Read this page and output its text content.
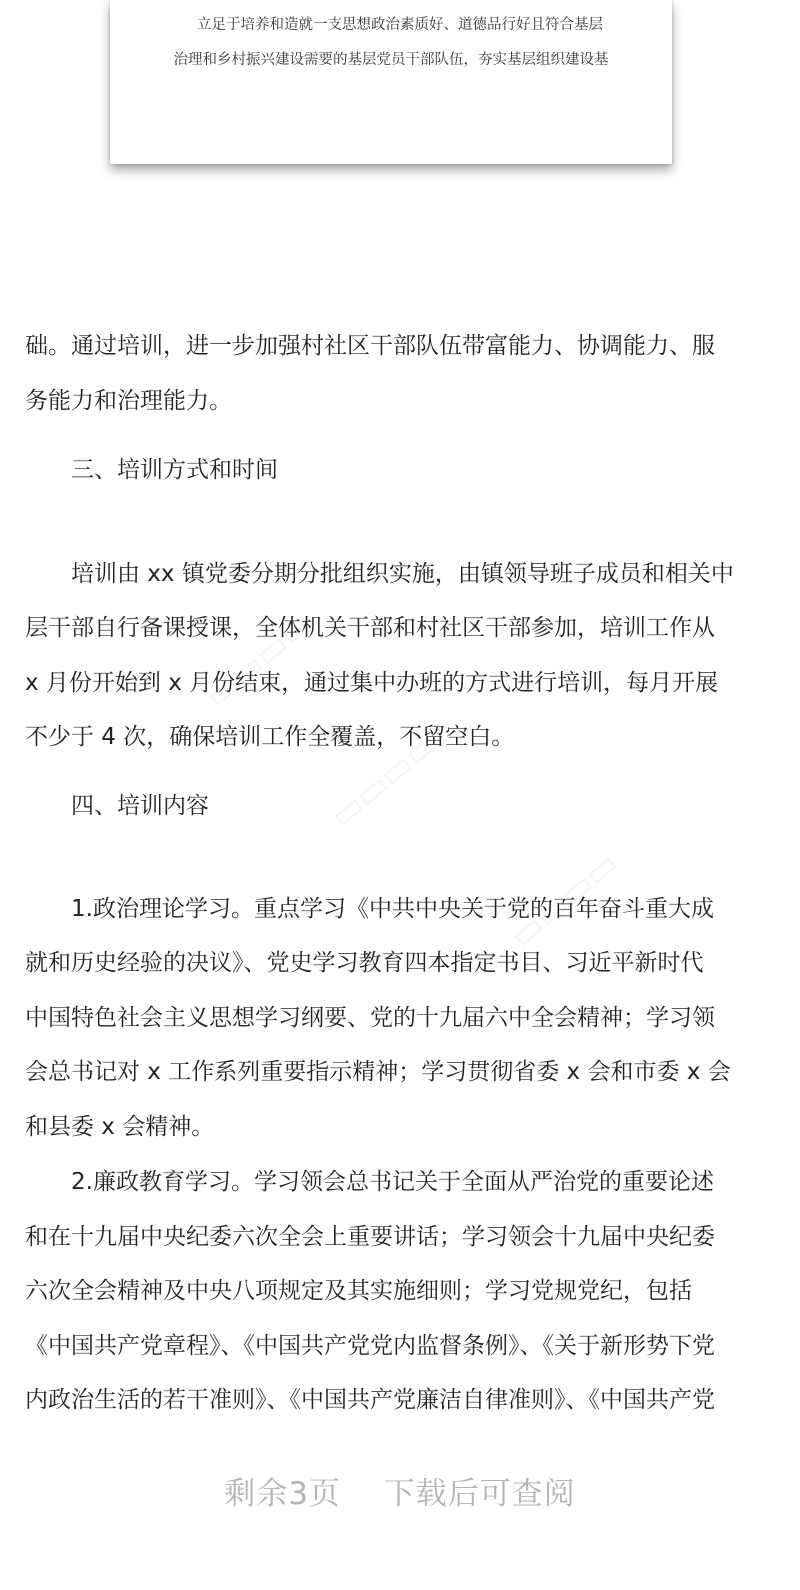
立足于培养和造就一支思想政治素质好、道德品行好且符合基层
治理和乡村振兴建设需要的基层党员干部队伍，夯实基层组织建设基
础。通过培训，进一步加强村社区干部队伍带富能力、协调能力、服
务能力和治理能力。
　　三、培训方式和时间
　　培训由 xx 镇党委分期分批组织实施，由镇领导班子成员和相关中
层干部自行备课授课，全体机关干部和村社区干部参加，培训工作从
x 月份开始到 x 月份结束，通过集中办班的方式进行培训，每月开展
不少于 4 次，确保培训工作全覆盖，不留空白。
　　四、培训内容
　　1.政治理论学习。重点学习《中共中央关于党的百年奋斗重大成
就和历史经验的决议》、党史学习教育四本指定书目、习近平新时代
中国特色社会主义思想学习纲要、党的十九届六中全会精神；学习领
会总书记对 x 工作系列重要指示精神；学习贯彻省委 x 会和市委 x 会
和县委 x 会精神。
　　2.廉政教育学习。学习领会总书记关于全面从严治党的重要论述
和在十九届中央纪委六次全会上重要讲话；学习领会十九届中央纪委
六次全会精神及中央八项规定及其实施细则；学习党规党纪，包括
《中国共产党章程》、《中国共产党党内监督条例》、《关于新形势下党
内政治生活的若干准则》、《中国共产党廉洁自律准则》、《中国共产党
剩余3页 下载后可查阅
